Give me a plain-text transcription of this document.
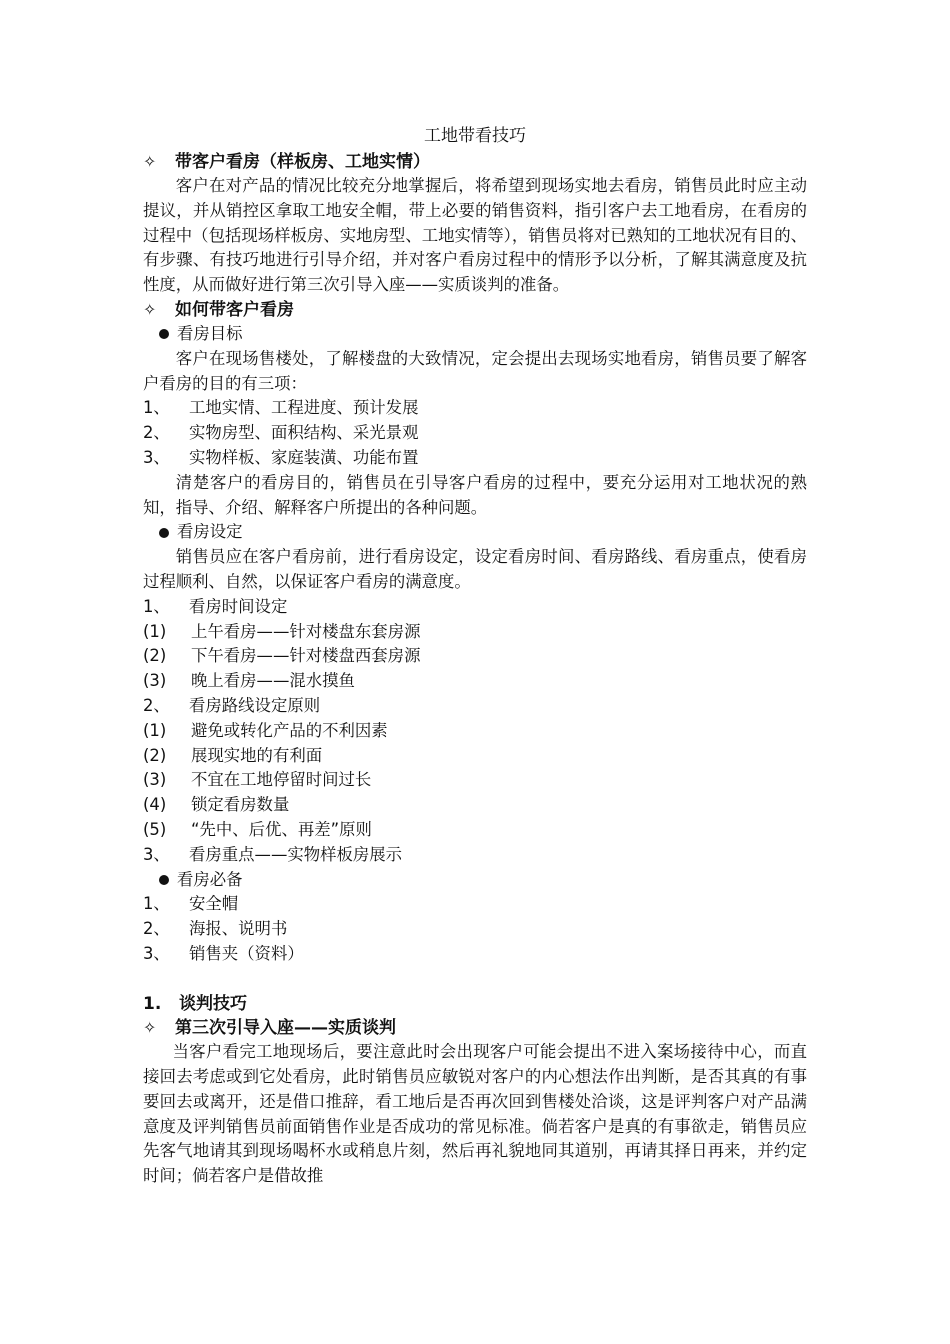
工地带看技巧
✧	带客户看房（样板房、工地实情）

客户在对产品的情况比较充分地掌握后，将希望到现场实地去看房，销售员此时应主动提议，并从销控区拿取工地安全帽，带上必要的销售资料，指引客户去工地看房，在看房的过程中（包括现场样板房、实地房型、工地实情等），销售员将对已熟知的工地状况有目的、有步骤、有技巧地进行引导介绍，并对客户看房过程中的情形予以分析，了解其满意度及抗性度，从而做好进行第三次引导入座——实质谈判的准备。

✧	如何带客户看房
看房目标

客户在现场售楼处，了解楼盘的大致情况，定会提出去现场实地看房，销售员要了解客户看房的目的有三项：

1、	工地实情、工程进度、预计发展
2、	实物房型、面积结构、采光景观
3、	实物样板、家庭装潢、功能布置

清楚客户的看房目的，销售员在引导客户看房的过程中，要充分运用对工地状况的熟知，指导、介绍、解释客户所提出的各种问题。

看房设定

销售员应在客户看房前，进行看房设定，设定看房时间、看房路线、看房重点，使看房过程顺利、自然，以保证客户看房的满意度。

1、	看房时间设定
(1)	上午看房——针对楼盘东套房源
(2)	下午看房——针对楼盘西套房源
(3)	晚上看房——混水摸鱼
2、	看房路线设定原则
(1)	避免或转化产品的不利因素
(2)	展现实地的有利面
(3)	不宜在工地停留时间过长
(4)	锁定看房数量
(5)	“先中、后优、再差”原则
3、	看房重点——实物样板房展示
看房必备
1、	安全帽
2、	海报、说明书
3、	销售夹（资料）
1.	谈判技巧
✧	第三次引导入座——实质谈判

当客户看完工地现场后，要注意此时会出现客户可能会提出不进入案场接待中心，而直接回去考虑或到它处看房，此时销售员应敏锐对客户的内心想法作出判断，是否其真的有事要回去或离开，还是借口推辞，看工地后是否再次回到售楼处洽谈，这是评判客户对产品满意度及评判销售员前面销售作业是否成功的常见标准。倘若客户是真的有事欲走，销售员应先客气地请其到现场喝杯水或稍息片刻，然后再礼貌地同其道别，再请其择日再来，并约定时间；倘若客户是借故推
